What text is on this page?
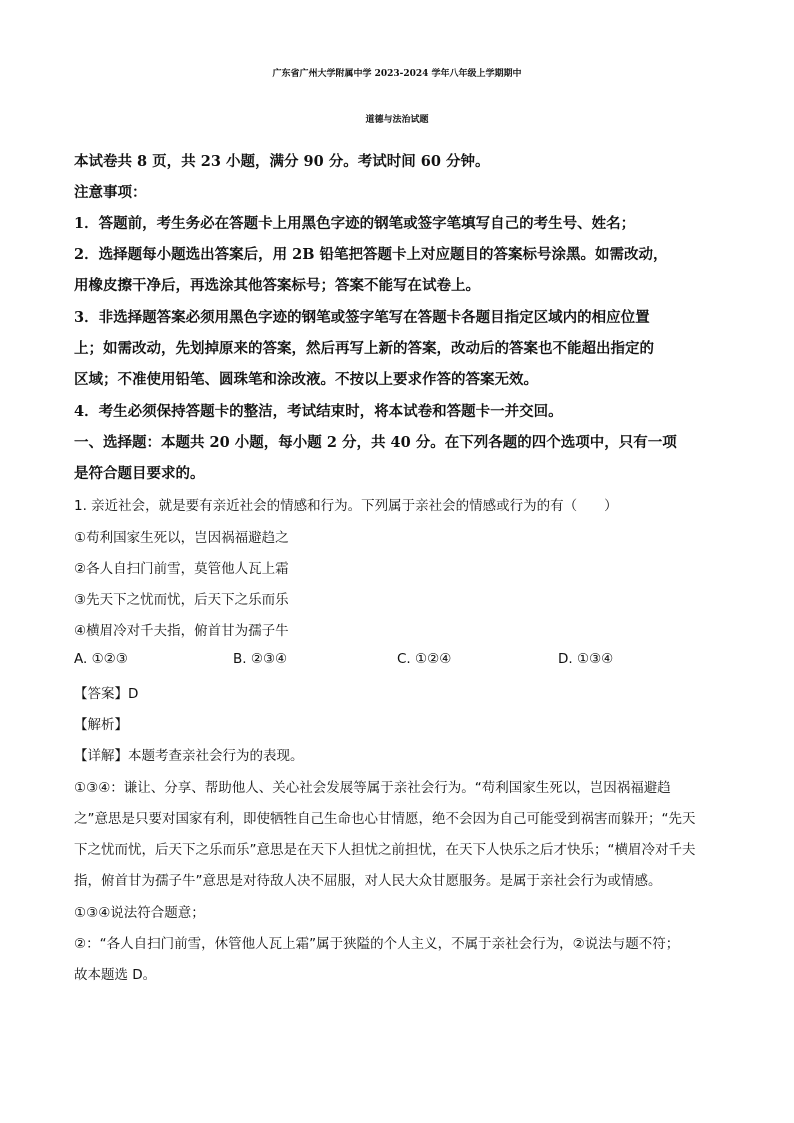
广东省广州大学附属中学 2023-2024 学年八年级上学期期中
道德与法治试题
本试卷共 8 页，共 23 小题，满分 90 分。考试时间 60 分钟。
注意事项：
1．答题前，考生务必在答题卡上用黑色字迹的钢笔或签字笔填写自己的考生号、姓名；
2．选择题每小题选出答案后，用 2B 铅笔把答题卡上对应题目的答案标号涂黑。如需改动，
用橡皮擦干净后，再选涂其他答案标号；答案不能写在试卷上。
3．非选择题答案必须用黑色字迹的钢笔或签字笔写在答题卡各题目指定区域内的相应位置
上；如需改动，先划掉原来的答案，然后再写上新的答案，改动后的答案也不能超出指定的
区域；不准使用铅笔、圆珠笔和涂改液。不按以上要求作答的答案无效。
4．考生必须保持答题卡的整洁，考试结束时，将本试卷和答题卡一并交回。
一、选择题：本题共 20 小题，每小题 2 分，共 40 分。在下列各题的四个选项中，只有一项
是符合题目要求的。
1. 亲近社会，就是要有亲近社会的情感和行为。下列属于亲社会的情感或行为的有（　　）
①苟利国家生死以，岂因祸福避趋之
②各人自扫门前雪，莫管他人瓦上霜
③先天下之忧而忧，后天下之乐而乐
④横眉冷对千夫指，俯首甘为孺子牛
A. ①②③	B. ②③④	C. ①②④	D. ①③④
【答案】D
【解析】
【详解】本题考查亲社会行为的表现。
①③④：谦让、分享、帮助他人、关心社会发展等属于亲社会行为。“苟利国家生死以，岂因祸福避趋
之”意思是只要对国家有利，即使牺牲自己生命也心甘情愿，绝不会因为自己可能受到祸害而躲开；“先天
下之忧而忧，后天下之乐而乐”意思是在天下人担忧之前担忧，在天下人快乐之后才快乐；“横眉冷对千夫
指，俯首甘为孺子牛”意思是对待敌人决不屈服，对人民大众甘愿服务。是属于亲社会行为或情感。
①③④说法符合题意；
②：“各人自扫门前雪，休管他人瓦上霜”属于狭隘的个人主义，不属于亲社会行为，②说法与题不符；
故本题选 D。
